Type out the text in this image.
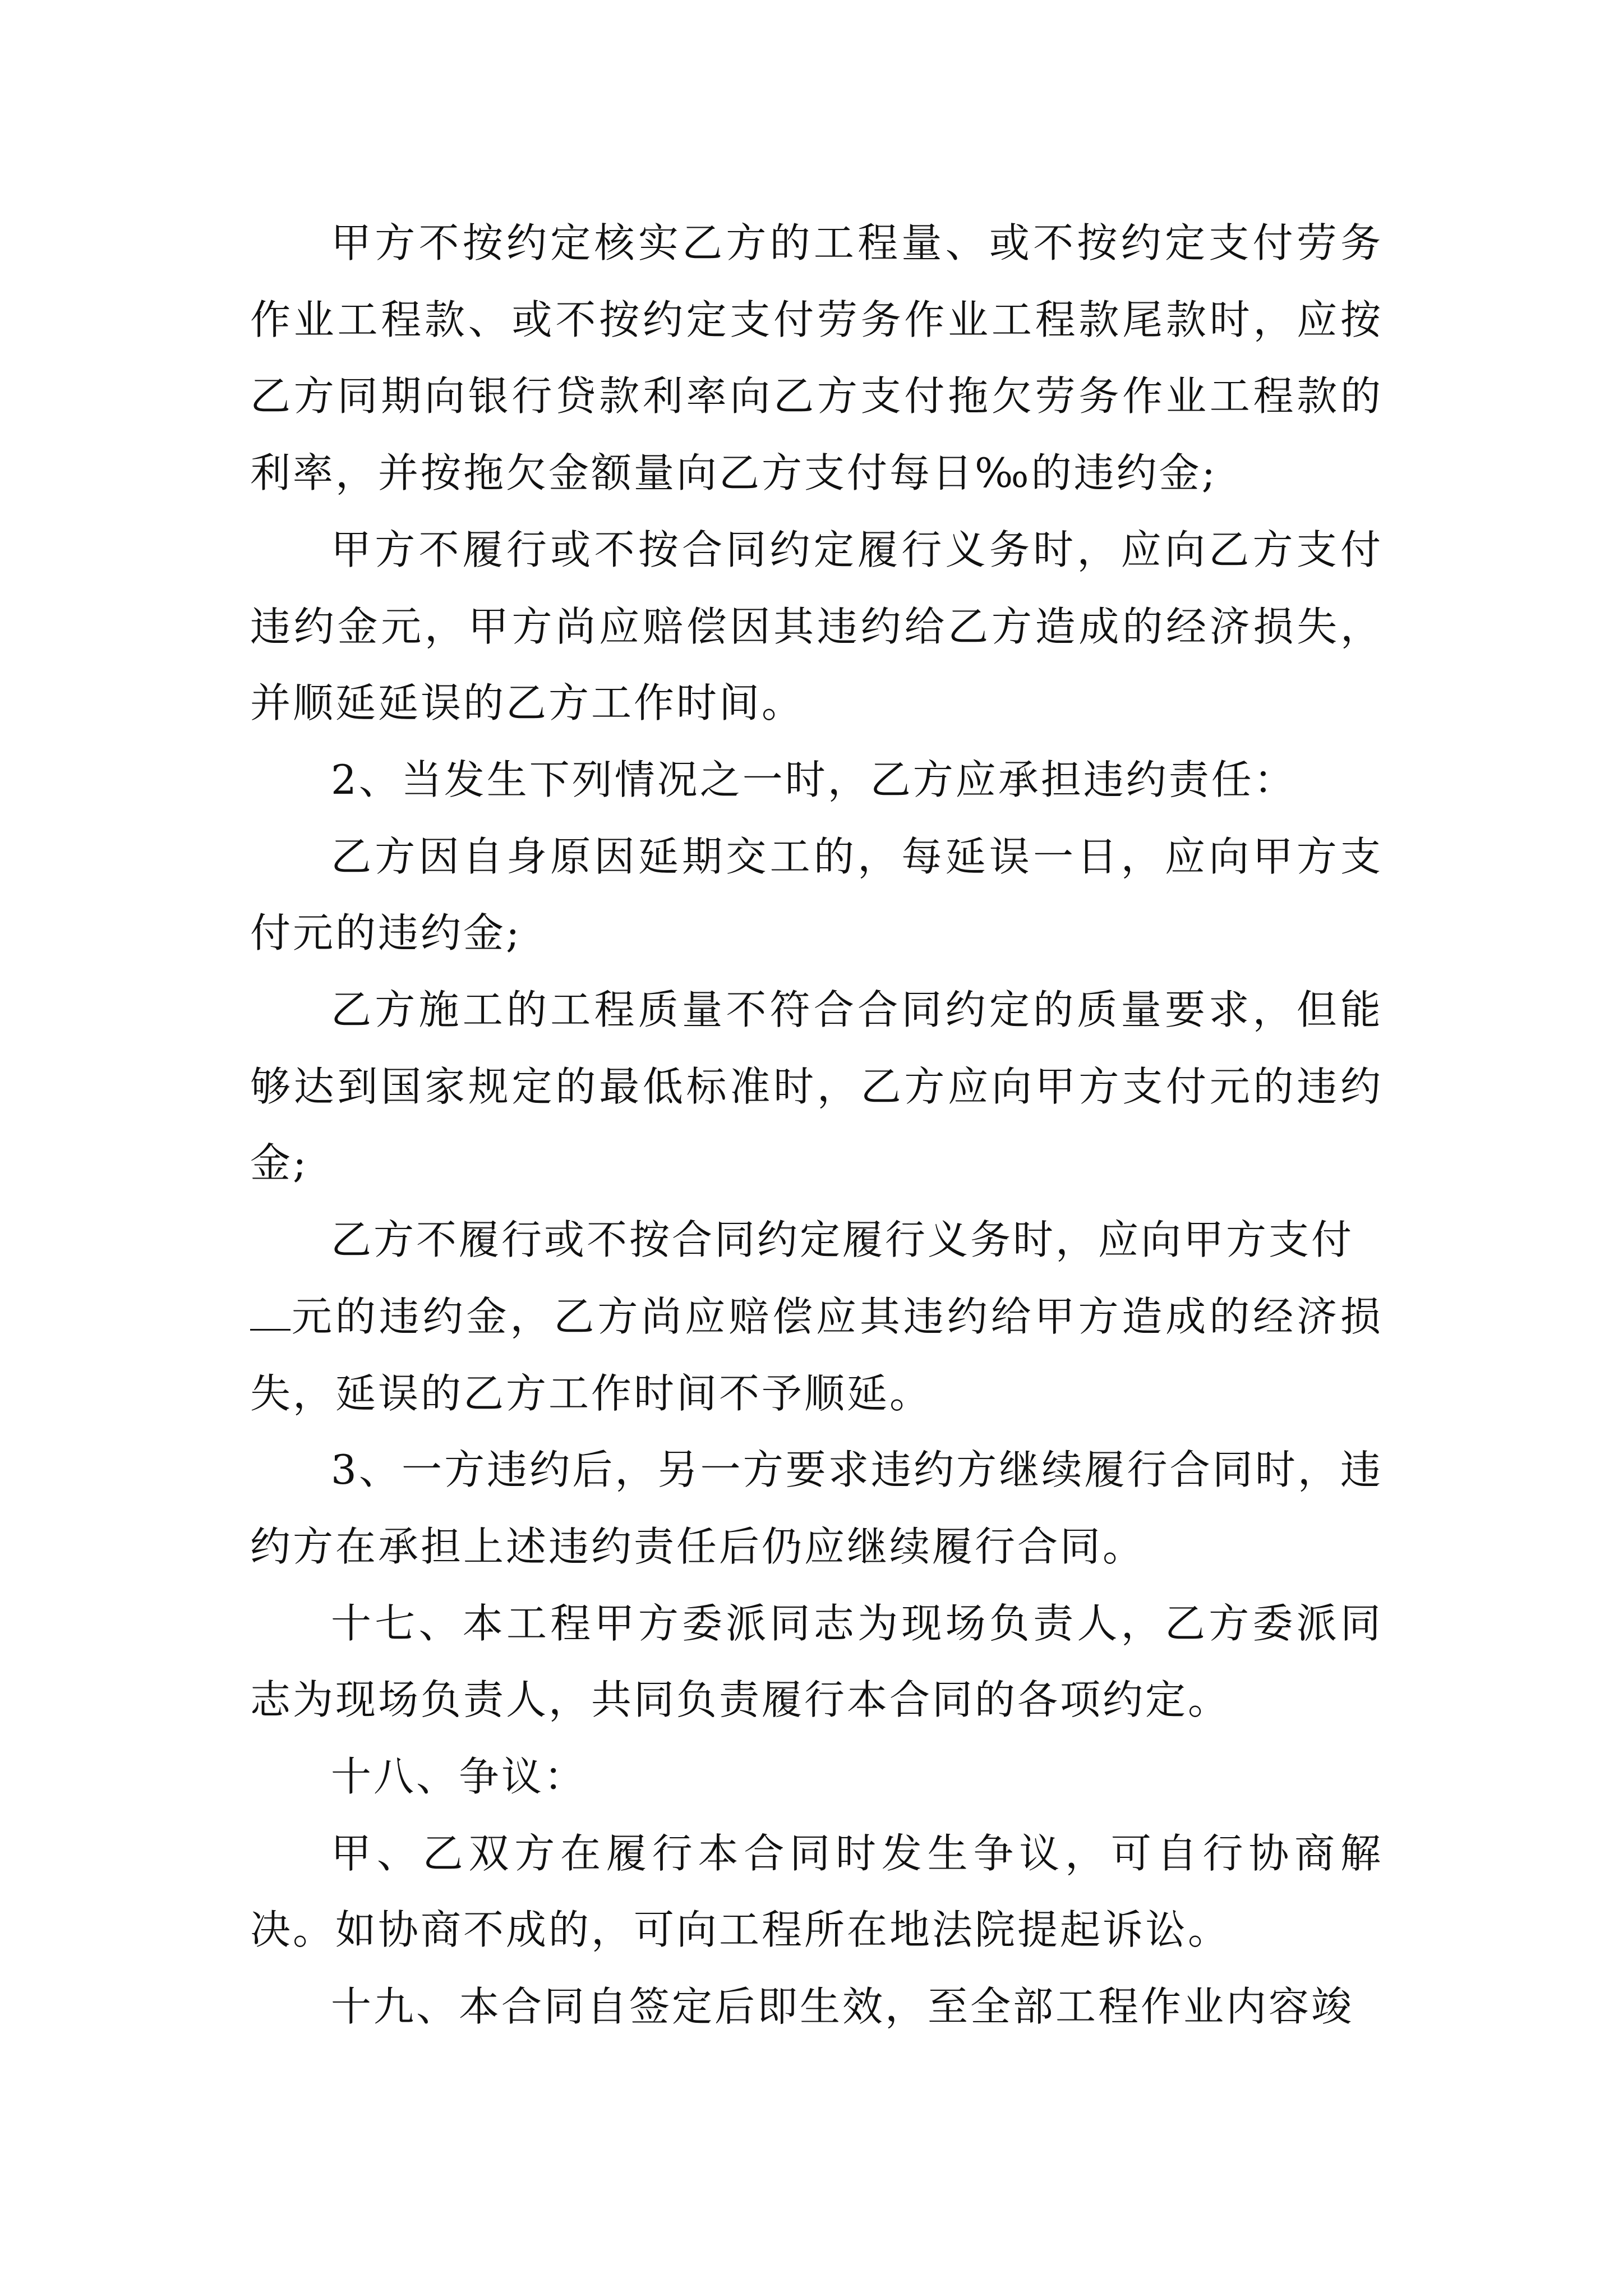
甲方不按约定核实乙方的工程量、或不按约定支付劳务作业工程款、或不按约定支付劳务作业工程款尾款时，应按乙方同期向银行贷款利率向乙方支付拖欠劳务作业工程款的利率，并按拖欠金额量向乙方支付每日‰的违约金;

甲方不履行或不按合同约定履行义务时，应向乙方支付违约金元，甲方尚应赔偿因其违约给乙方造成的经济损失，并顺延延误的乙方工作时间。

2、当发生下列情况之一时，乙方应承担违约责任：

乙方因自身原因延期交工的，每延误一日，应向甲方支付元的违约金;

乙方施工的工程质量不符合合同约定的质量要求，但能够达到国家规定的最低标准时，乙方应向甲方支付元的违约金;

乙方不履行或不按合同约定履行义务时，应向甲方支付
元的违约金，乙方尚应赔偿应其违约给甲方造成的经济损失，延误的乙方工作时间不予顺延。

3、一方违约后，另一方要求违约方继续履行合同时，违约方在承担上述违约责任后仍应继续履行合同。

十七、本工程甲方委派同志为现场负责人，乙方委派同志为现场负责人，共同负责履行本合同的各项约定。

十八、争议：

甲、乙双方在履行本合同时发生争议，可自行协商解决。如协商不成的，可向工程所在地法院提起诉讼。

十九、本合同自签定后即生效，至全部工程作业内容竣
